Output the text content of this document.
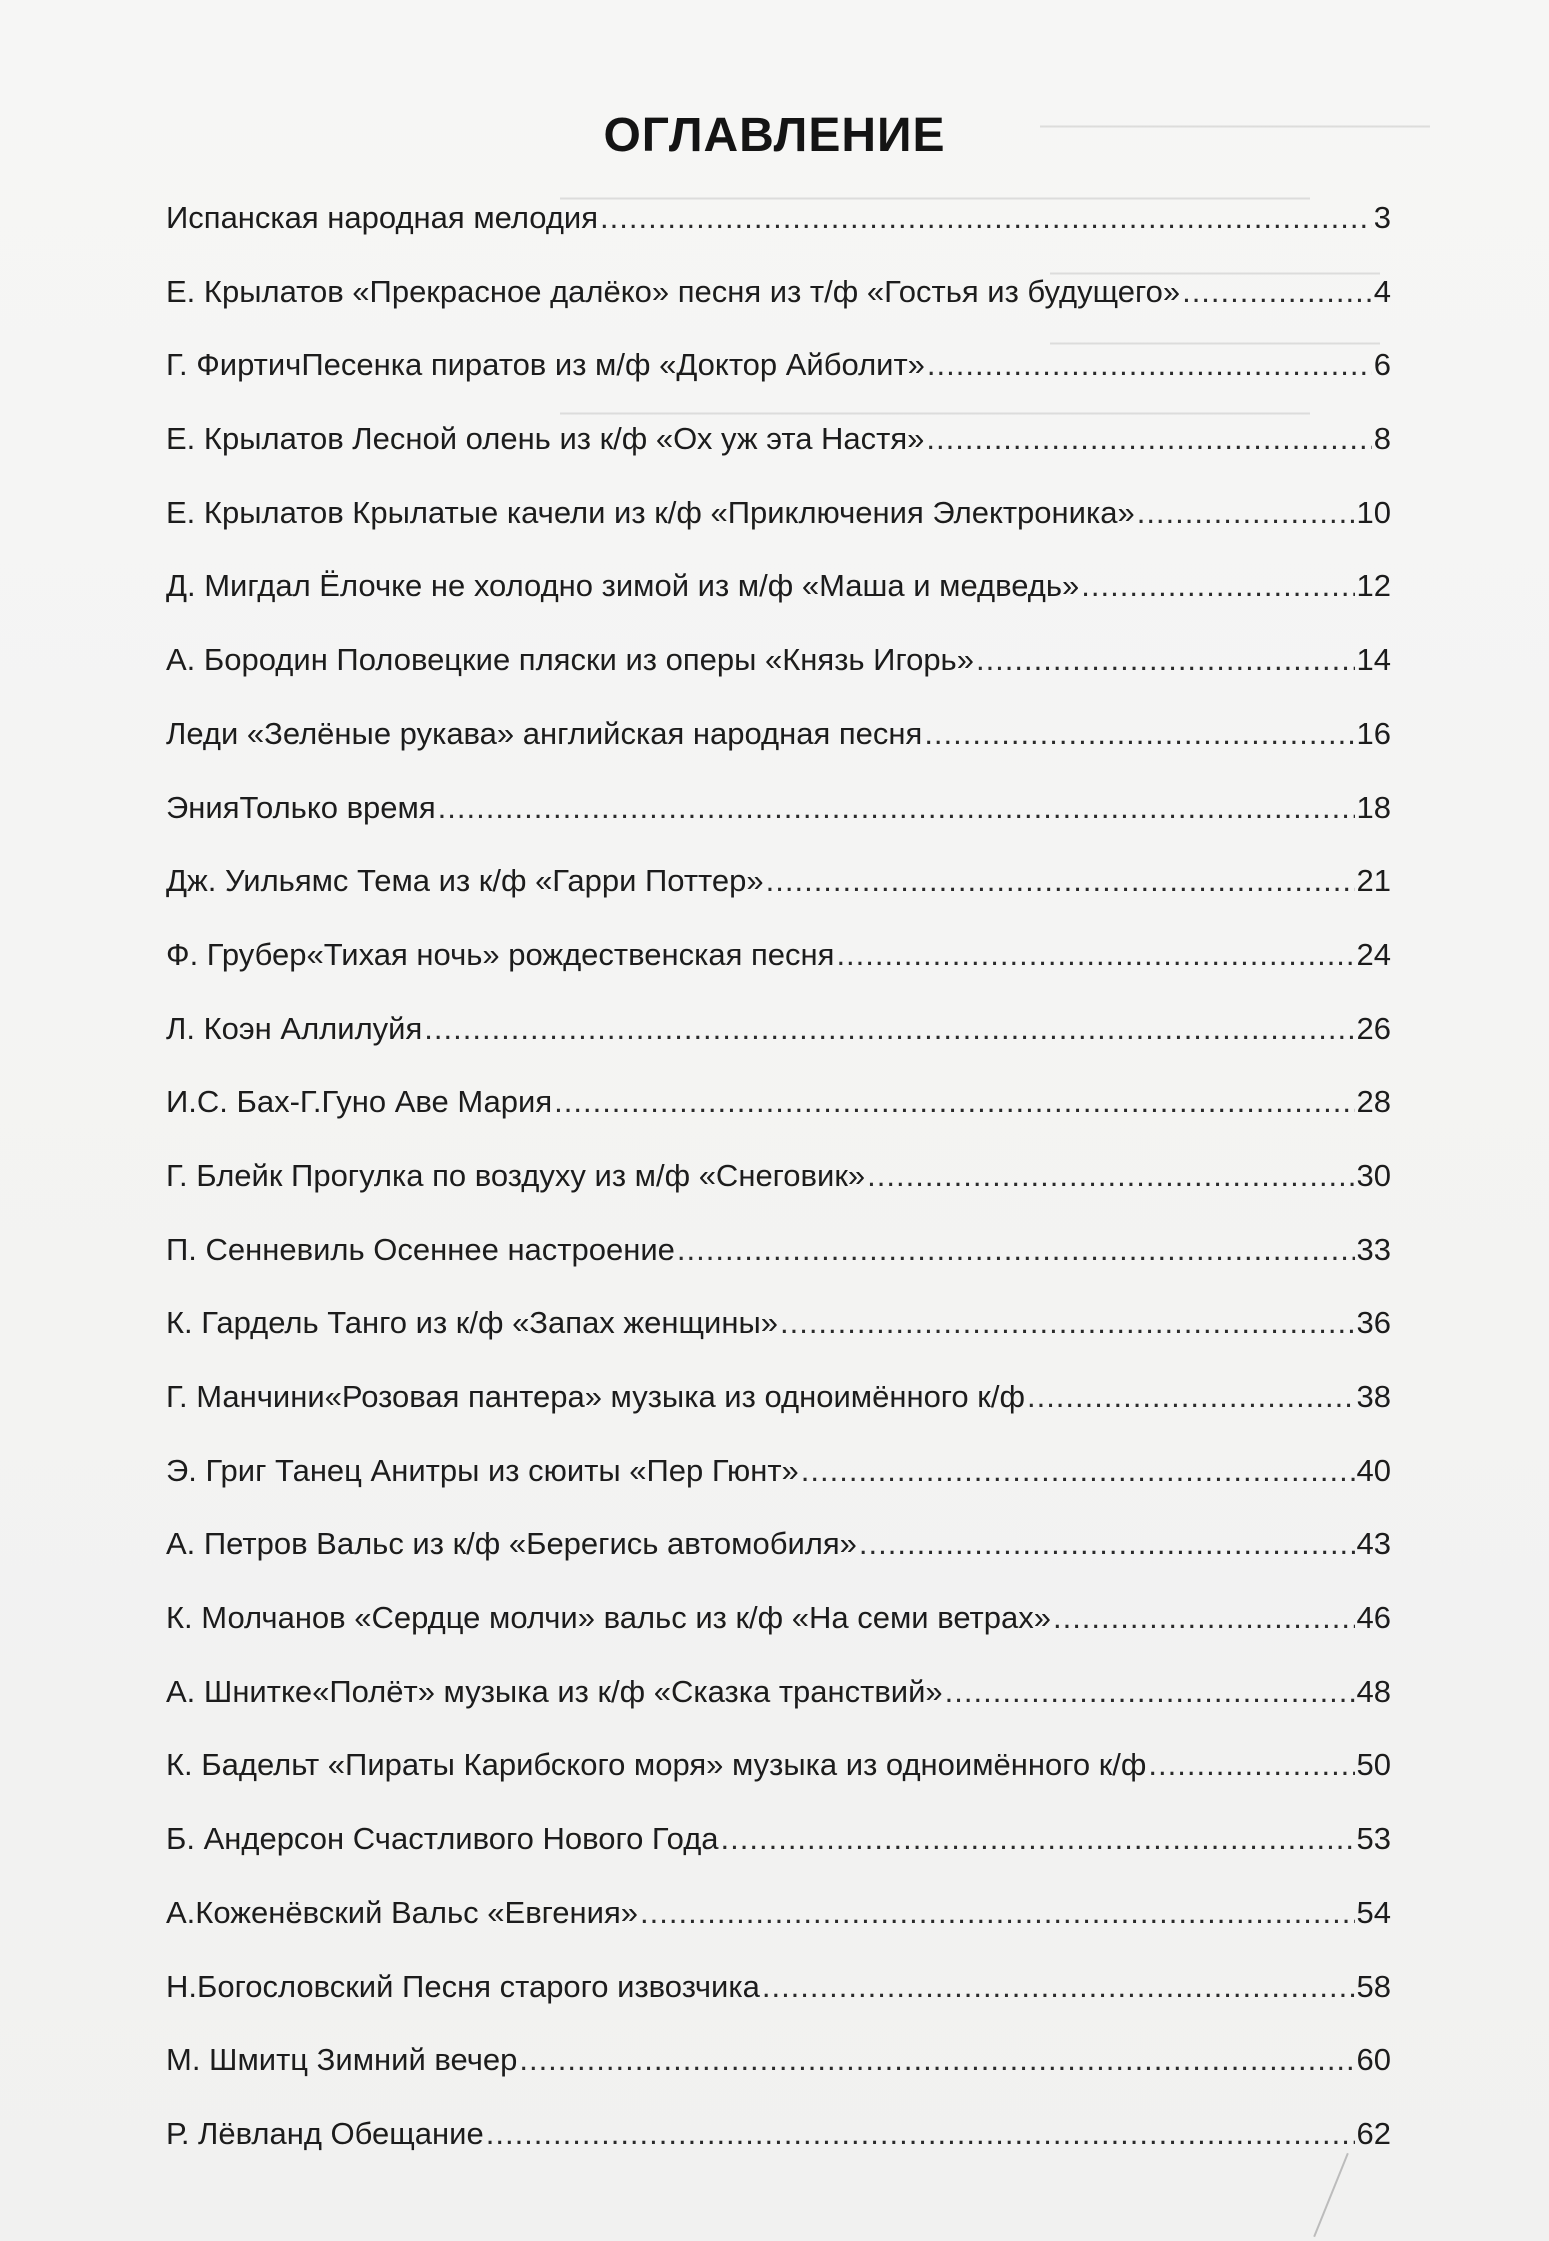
—————————————
—————————————————————————
———————————
———————————
—————————————————————————
ОГЛАВЛЕНИЕ
Испанская народная мелодия .....	3
Е. Крылатов «Прекрасное далёко» песня из т/ф «Гостья из будущего» .....	4
Г. ФиртичПесенка пиратов из м/ф «Доктор Айболит» .....	6
Е. Крылатов Лесной олень из к/ф «Ох уж эта Настя» .....	8
Е. Крылатов Крылатые качели из к/ф «Приключения Электроника» .....	10
Д. Мигдал Ёлочке не холодно зимой из м/ф «Маша и медведь» .....	12
А. Бородин Половецкие пляски из оперы «Князь Игорь» .....	14
Леди «Зелёные рукава» английская народная песня .....	16
ЭнияТолько время .....	18
Дж. Уильямс Тема из к/ф «Гарри Поттер» .....	21
Ф. Грубер«Тихая ночь» рождественская песня .....	24
Л. Коэн Аллилуйя .....	26
И.С. Бах-Г.Гуно Аве Мария .....	28
Г. Блейк Прогулка по воздуху из м/ф «Снеговик» .....	30
П. Сенневиль Осеннее настроение .....	33
К. Гардель Танго из к/ф «Запах женщины» .....	36
Г. Манчини«Розовая пантера» музыка из одноимённого к/ф .....	38
Э. Григ Танец Анитры из сюиты «Пер Гюнт» .....	40
А. Петров Вальс из к/ф «Берегись автомобиля» .....	43
К. Молчанов «Сердце молчи» вальс из к/ф «На семи ветрах» .....	46
А. Шнитке«Полёт» музыка из к/ф «Сказка транствий» .....	48
К. Бадельт «Пираты Карибского моря» музыка из одноимённого к/ф .....	50
Б. Андерсон Счастливого Нового Года .....	53
А.Коженёвский Вальс «Евгения» .....	54
Н.Богословский Песня старого извозчика .....	58
М. Шмитц Зимний вечер .....	60
Р. Лёвланд Обещание .....	62
